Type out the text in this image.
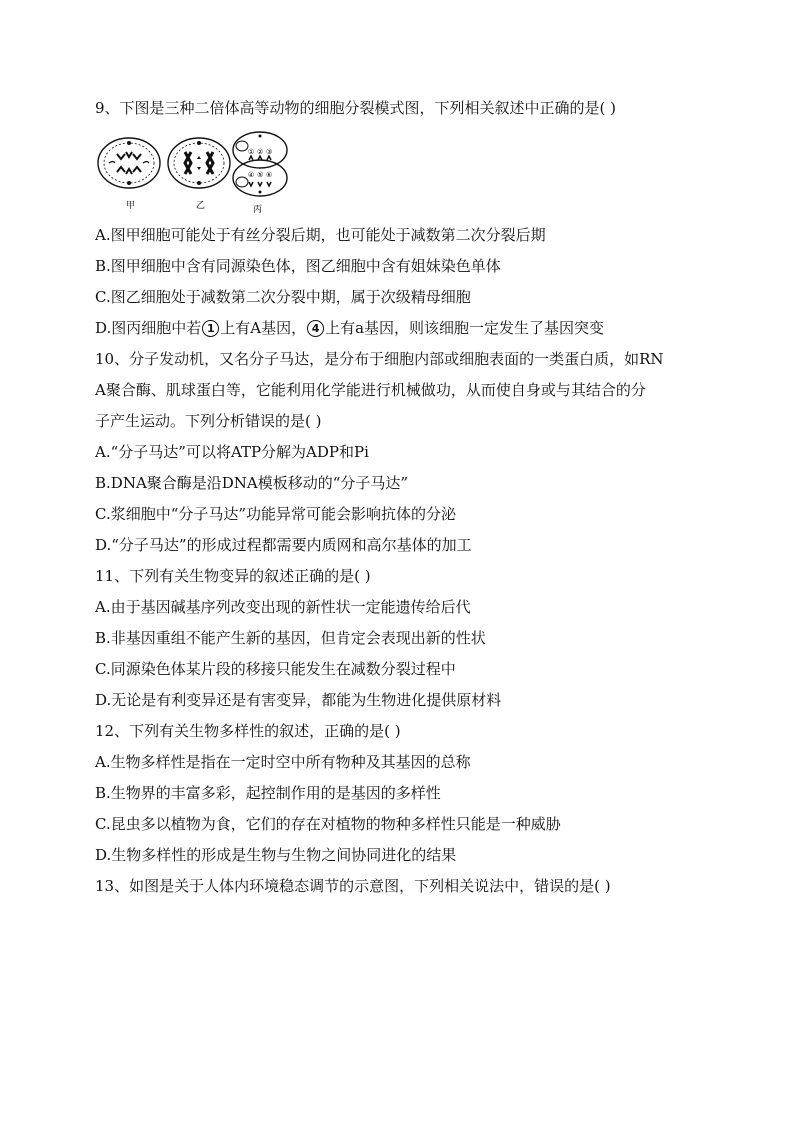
9、下图是三种二倍体高等动物的细胞分裂模式图，下列相关叙述中正确的是( )
甲	乙
① ② ③
④ ⑤ ⑥
丙
A.图甲细胞可能处于有丝分裂后期，也可能处于减数第二次分裂后期
B.图甲细胞中含有同源染色体，图乙细胞中含有姐妹染色单体
C.图乙细胞处于减数第二次分裂中期，属于次级精母细胞
D.图丙细胞中若 1 上有A基因， 4 上有a基因，则该细胞一定发生了基因突变
10、分子发动机，又名分子马达，是分布于细胞内部或细胞表面的一类蛋白质，如RN
A聚合酶、肌球蛋白等，它能利用化学能进行机械做功，从而使自身或与其结合的分
子产生运动。下列分析错误的是( )
A.“分子马达”可以将ATP分解为ADP和Pi
B.DNA聚合酶是沿DNA模板移动的“分子马达”
C.浆细胞中“分子马达”功能异常可能会影响抗体的分泌
D.“分子马达”的形成过程都需要内质网和高尔基体的加工
11、下列有关生物变异的叙述正确的是( )
A.由于基因碱基序列改变出现的新性状一定能遗传给后代
B.非基因重组不能产生新的基因，但肯定会表现出新的性状
C.同源染色体某片段的移接只能发生在减数分裂过程中
D.无论是有利变异还是有害变异，都能为生物进化提供原材料
12、下列有关生物多样性的叙述，正确的是( )
A.生物多样性是指在一定时空中所有物种及其基因的总称
B.生物界的丰富多彩，起控制作用的是基因的多样性
C.昆虫多以植物为食，它们的存在对植物的物种多样性只能是一种威胁
D.生物多样性的形成是生物与生物之间协同进化的结果
13、如图是关于人体内环境稳态调节的示意图，下列相关说法中，错误的是( )
